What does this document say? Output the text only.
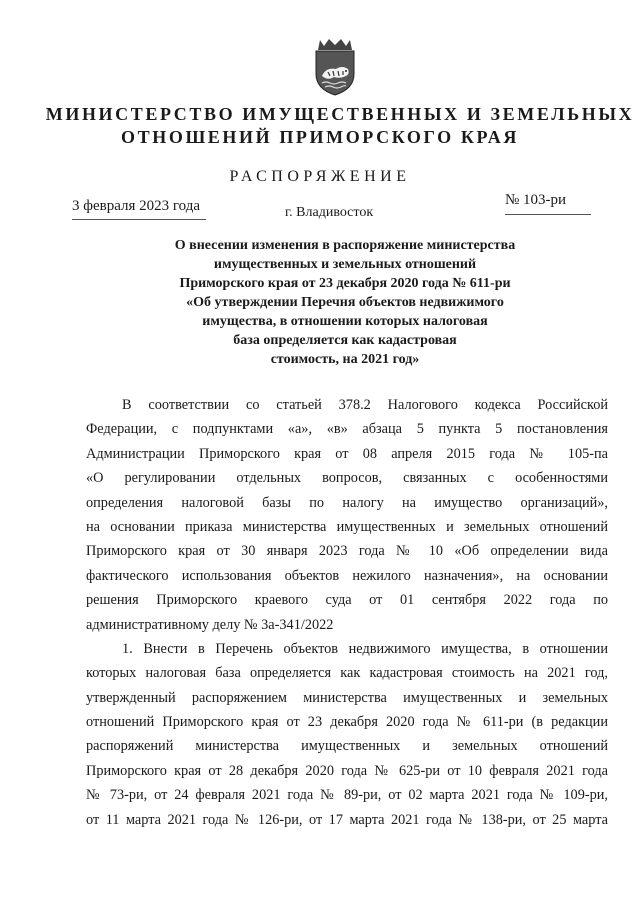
МИНИСТЕРСТВО ИМУЩЕСТВЕННЫХ И ЗЕМЕЛЬНЫХ
ОТНОШЕНИЙ ПРИМОРСКОГО КРАЯ
РАСПОРЯЖЕНИЕ
3 февраля 2023 года	г. Владивосток
№ 103-ри
О внесении изменения в распоряжение министерства
имущественных и земельных отношений
Приморского края от 23 декабря 2020 года № 611-ри
«Об утверждении Перечня объектов недвижимого
имущества, в отношении которых налоговая
база определяется как кадастровая
стоимость, на 2021 год»
В соответствии со статьей 378.2 Налогового кодекса Российской
Федерации, с подпунктами «а», «в» абзаца 5 пункта 5 постановления
Администрации Приморского края от 08 апреля 2015 года № 105-па
«О регулировании отдельных вопросов, связанных с особенностями
определения налоговой базы по налогу на имущество организаций»,
на основании приказа министерства имущественных и земельных отношений
Приморского края от 30 января 2023 года № 10 «Об определении вида
фактического использования объектов нежилого назначения», на основании
решения Приморского краевого суда от 01 сентября 2022 года по
административному делу № 3а-341/2022
1. Внести в Перечень объектов недвижимого имущества, в отношении
которых налоговая база определяется как кадастровая стоимость на 2021 год,
утвержденный распоряжением министерства имущественных и земельных
отношений Приморского края от 23 декабря 2020 года № 611-ри (в редакции
распоряжений министерства имущественных и земельных отношений
Приморского края от 28 декабря 2020 года № 625-ри от 10 февраля 2021 года
№ 73-ри, от 24 февраля 2021 года № 89-ри, от 02 марта 2021 года № 109-ри,
от 11 марта 2021 года № 126-ри, от 17 марта 2021 года № 138-ри, от 25 марта
